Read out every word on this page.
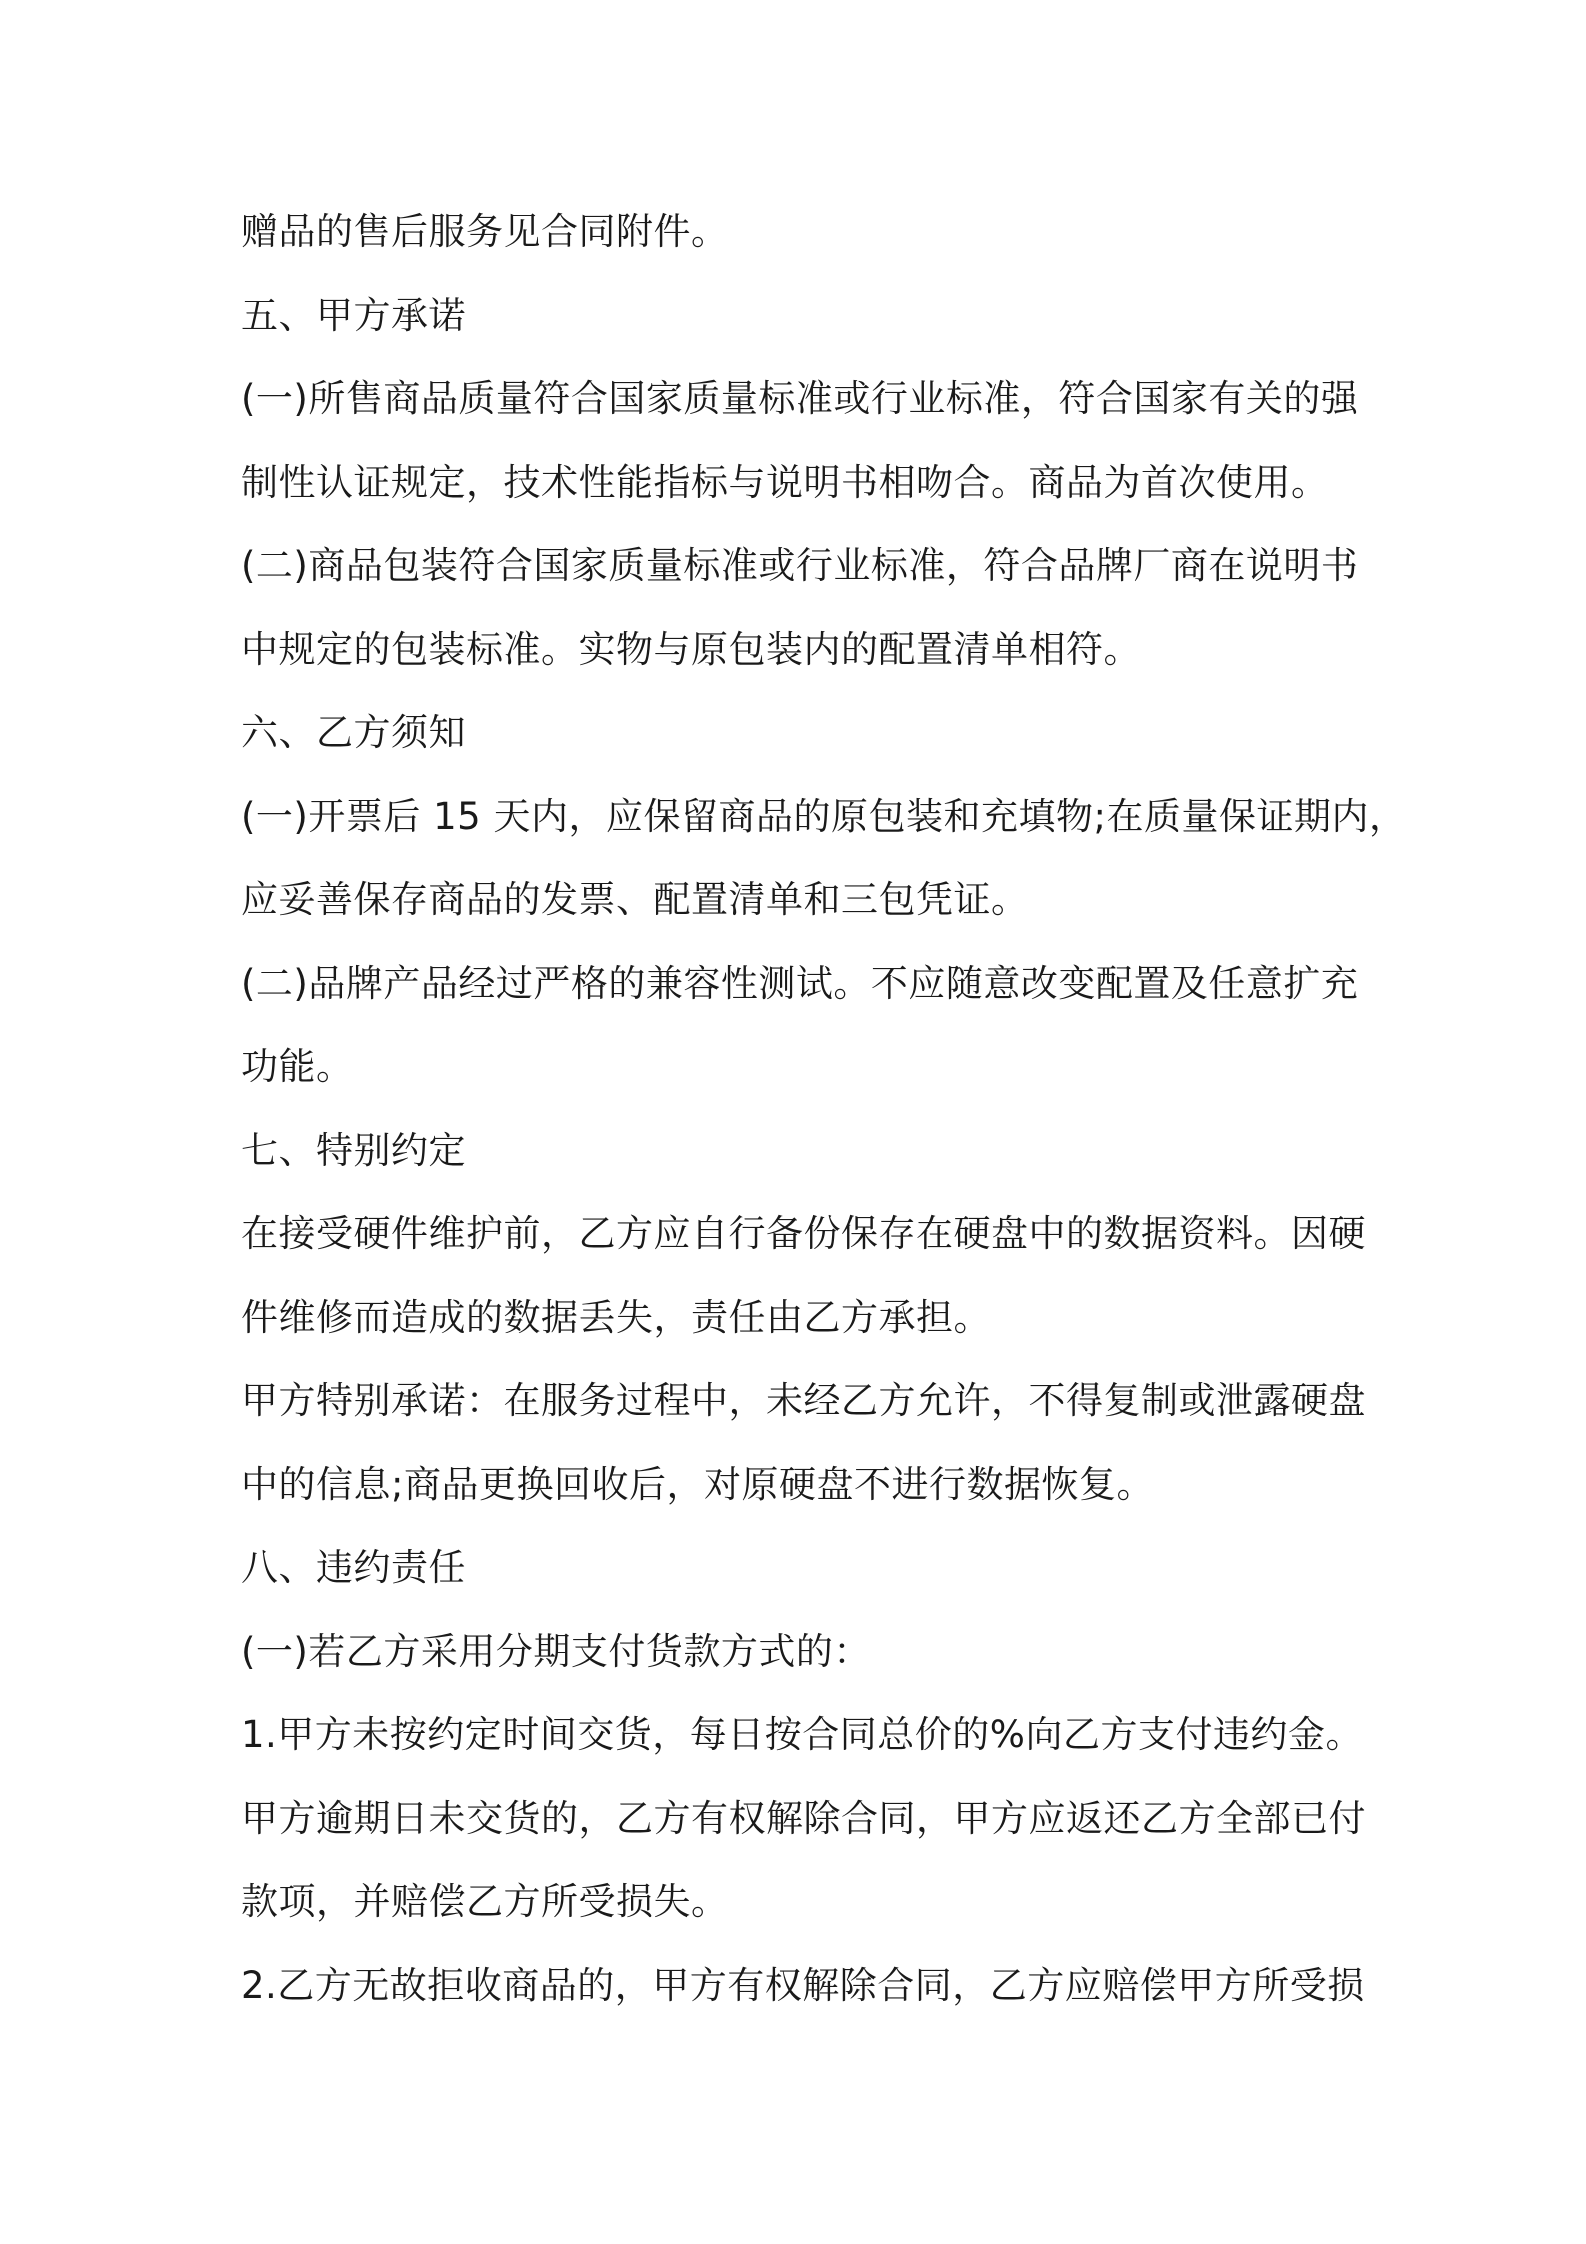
赠品的售后服务见合同附件。
五、甲方承诺
(一)所售商品质量符合国家质量标准或行业标准，符合国家有关的强
制性认证规定，技术性能指标与说明书相吻合。商品为首次使用。
(二)商品包装符合国家质量标准或行业标准，符合品牌厂商在说明书
中规定的包装标准。实物与原包装内的配置清单相符。
六、乙方须知
(一)开票后 15 天内，应保留商品的原包装和充填物;在质量保证期内，
应妥善保存商品的发票、配置清单和三包凭证。
(二)品牌产品经过严格的兼容性测试。不应随意改变配置及任意扩充
功能。
七、特别约定
在接受硬件维护前，乙方应自行备份保存在硬盘中的数据资料。因硬
件维修而造成的数据丢失，责任由乙方承担。
甲方特别承诺：在服务过程中，未经乙方允许，不得复制或泄露硬盘
中的信息;商品更换回收后，对原硬盘不进行数据恢复。
八、违约责任
(一)若乙方采用分期支付货款方式的：
1.甲方未按约定时间交货，每日按合同总价的%向乙方支付违约金。
甲方逾期日未交货的，乙方有权解除合同，甲方应返还乙方全部已付
款项，并赔偿乙方所受损失。
2.乙方无故拒收商品的，甲方有权解除合同，乙方应赔偿甲方所受损
